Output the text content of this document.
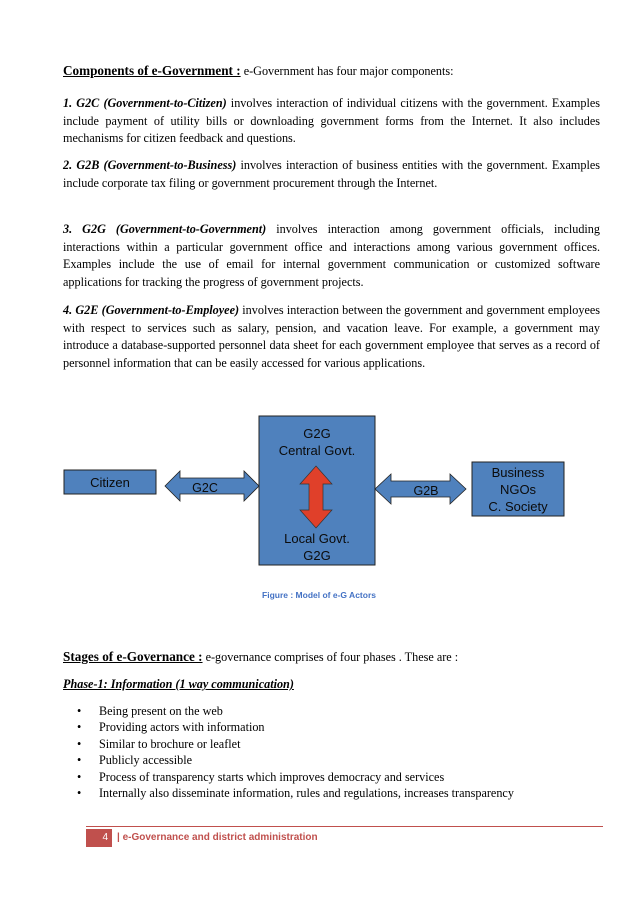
Components of e-Government : e-Government has four major components:

1. G2C (Government-to-Citizen) involves interaction of individual citizens with the government. Examples include payment of utility bills or downloading government forms from the Internet. It also includes mechanisms for citizen feedback and questions.

2. G2B (Government-to-Business) involves interaction of business entities with the government. Examples include corporate tax filing or government procurement through the Internet.

3. G2G (Government-to-Government) involves interaction among government officials, including interactions within a particular government office and interactions among various government offices. Examples include the use of email for internal government communication or customized software applications for tracking the progress of government projects.

4. G2E (Government-to-Employee) involves interaction between the government and government employees with respect to services such as salary, pension, and vacation leave. For example, a government may introduce a database-supported personnel data sheet for each government employee that serves as a record of personnel information that can be easily accessed for various applications.

G2G
Central Govt.
Local Govt.
G2G
Citizen	G2C	G2B
Business
NGOs
C. Society
Figure : Model of e-G Actors

Stages of e-Governance : e-governance comprises of four phases . These are :

Phase-1: Information (1 way communication)

• Being present on the web
• Providing actors with information
• Similar to brochure or leaflet
• Publicly accessible
• Process of transparency starts which improves democracy and services
• Internally also disseminate information, rules and regulations, increases transparency
4 | e-Governance and district administration
